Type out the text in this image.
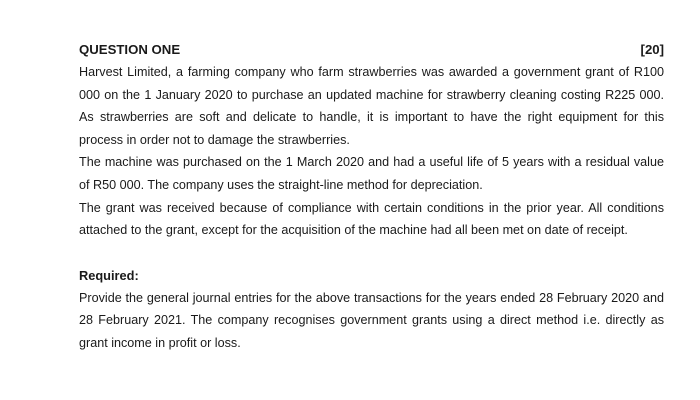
QUESTION ONE	[20]

Harvest Limited, a farming company who farm strawberries was awarded a government grant of R100 000 on the 1 January 2020 to purchase an updated machine for strawberry cleaning costing R225 000. As strawberries are soft and delicate to handle, it is important to have the right equipment for this process in order not to damage the strawberries.

The machine was purchased on the 1 March 2020 and had a useful life of 5 years with a residual value of R50 000. The company uses the straight-line method for depreciation.

The grant was received because of compliance with certain conditions in the prior year. All conditions attached to the grant, except for the acquisition of the machine had all been met on date of receipt.

Required:

Provide the general journal entries for the above transactions for the years ended 28 February 2020 and 28 February 2021. The company recognises government grants using a direct method i.e. directly as grant income in profit or loss.
